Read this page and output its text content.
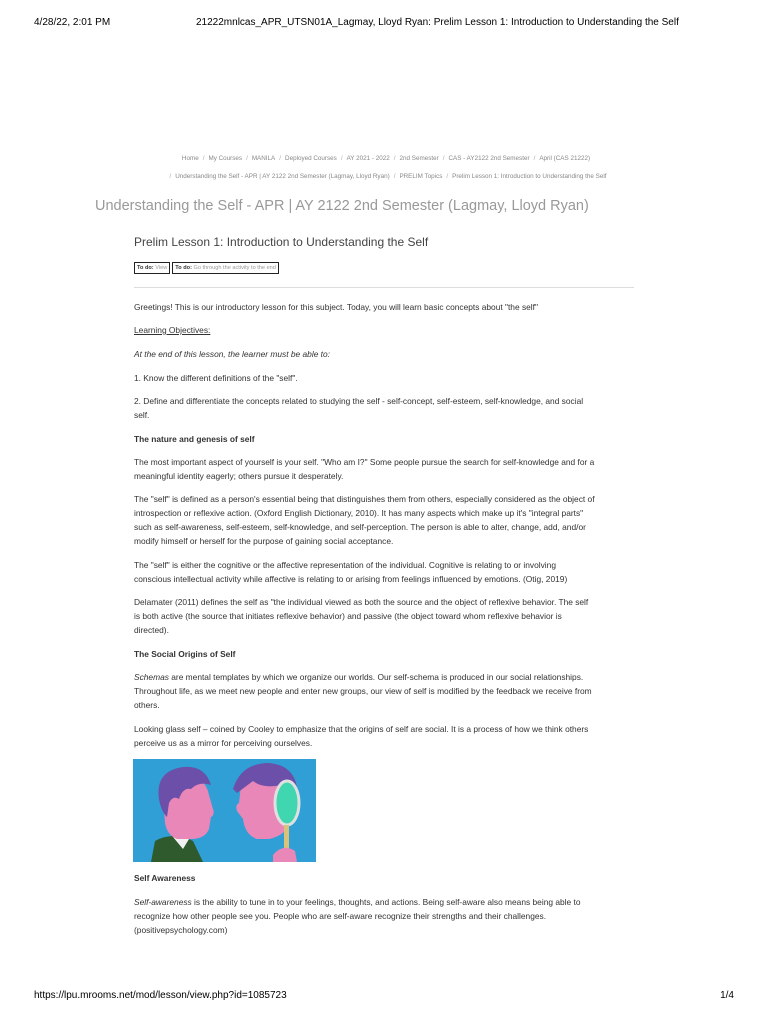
4/28/22, 2:01 PM	21222mnlcas_APR_UTSN01A_Lagmay, Lloyd Ryan: Prelim Lesson 1: Introduction to Understanding the Self
Home / My Courses / MANILA / Deployed Courses / AY 2021 - 2022 / 2nd Semester / CAS - AY2122 2nd Semester / April (CAS 21222)
/ Understanding the Self - APR | AY 2122 2nd Semester (Lagmay, Lloyd Ryan) / PRELIM Topics / Prelim Lesson 1: Introduction to Understanding the Self
Understanding the Self - APR | AY 2122 2nd Semester (Lagmay, Lloyd Ryan)
Prelim Lesson 1: Introduction to Understanding the Self
To do: View	To do: Go through the activity to the end

Greetings! This is our introductory lesson for this subject. Today, you will learn basic concepts about "the self"

Learning Objectives:

At the end of this lesson, the learner must be able to:

1. Know the different definitions of the "self".

2. Define and differentiate the concepts related to studying the self - self-concept, self-esteem, self-knowledge, and social

self.

The nature and genesis of self

The most important aspect of yourself is your self. "Who am I?" Some people pursue the search for self-knowledge and for a

meaningful identity eagerly; others pursue it desperately.

The "self" is defined as a person's essential being that distinguishes them from others, especially considered as the object of

introspection or reflexive action. (Oxford English Dictionary, 2010). It has many aspects which make up it's "integral parts"

such as self-awareness, self-esteem, self-knowledge, and self-perception. The person is able to alter, change, add, and/or

modify himself or herself for the purpose of gaining social acceptance.

The "self" is either the cognitive or the affective representation of the individual. Cognitive is relating to or involving

conscious intellectual activity while affective is relating to or arising from feelings influenced by emotions. (Otig, 2019)

Delamater (2011) defines the self as "the individual viewed as both the source and the object of reflexive behavior. The self

is both active (the source that initiates reflexive behavior) and passive (the object toward whom reflexive behavior is

directed).

The Social Origins of Self

Schemas are mental templates by which we organize our worlds. Our self-schema is produced in our social relationships.

Throughout life, as we meet new people and enter new groups, our view of self is modified by the feedback we receive from

others.

Looking glass self – coined by Cooley to emphasize that the origins of self are social. It is a process of how we think others

perceive us as a mirror for perceiving ourselves.

Self Awareness

Self-awareness is the ability to tune in to your feelings, thoughts, and actions. Being self-aware also means being able to

recognize how other people see you. People who are self-aware recognize their strengths and their challenges.

(positivepsychology.com)

https://lpu.mrooms.net/mod/lesson/view.php?id=1085723	1/4
